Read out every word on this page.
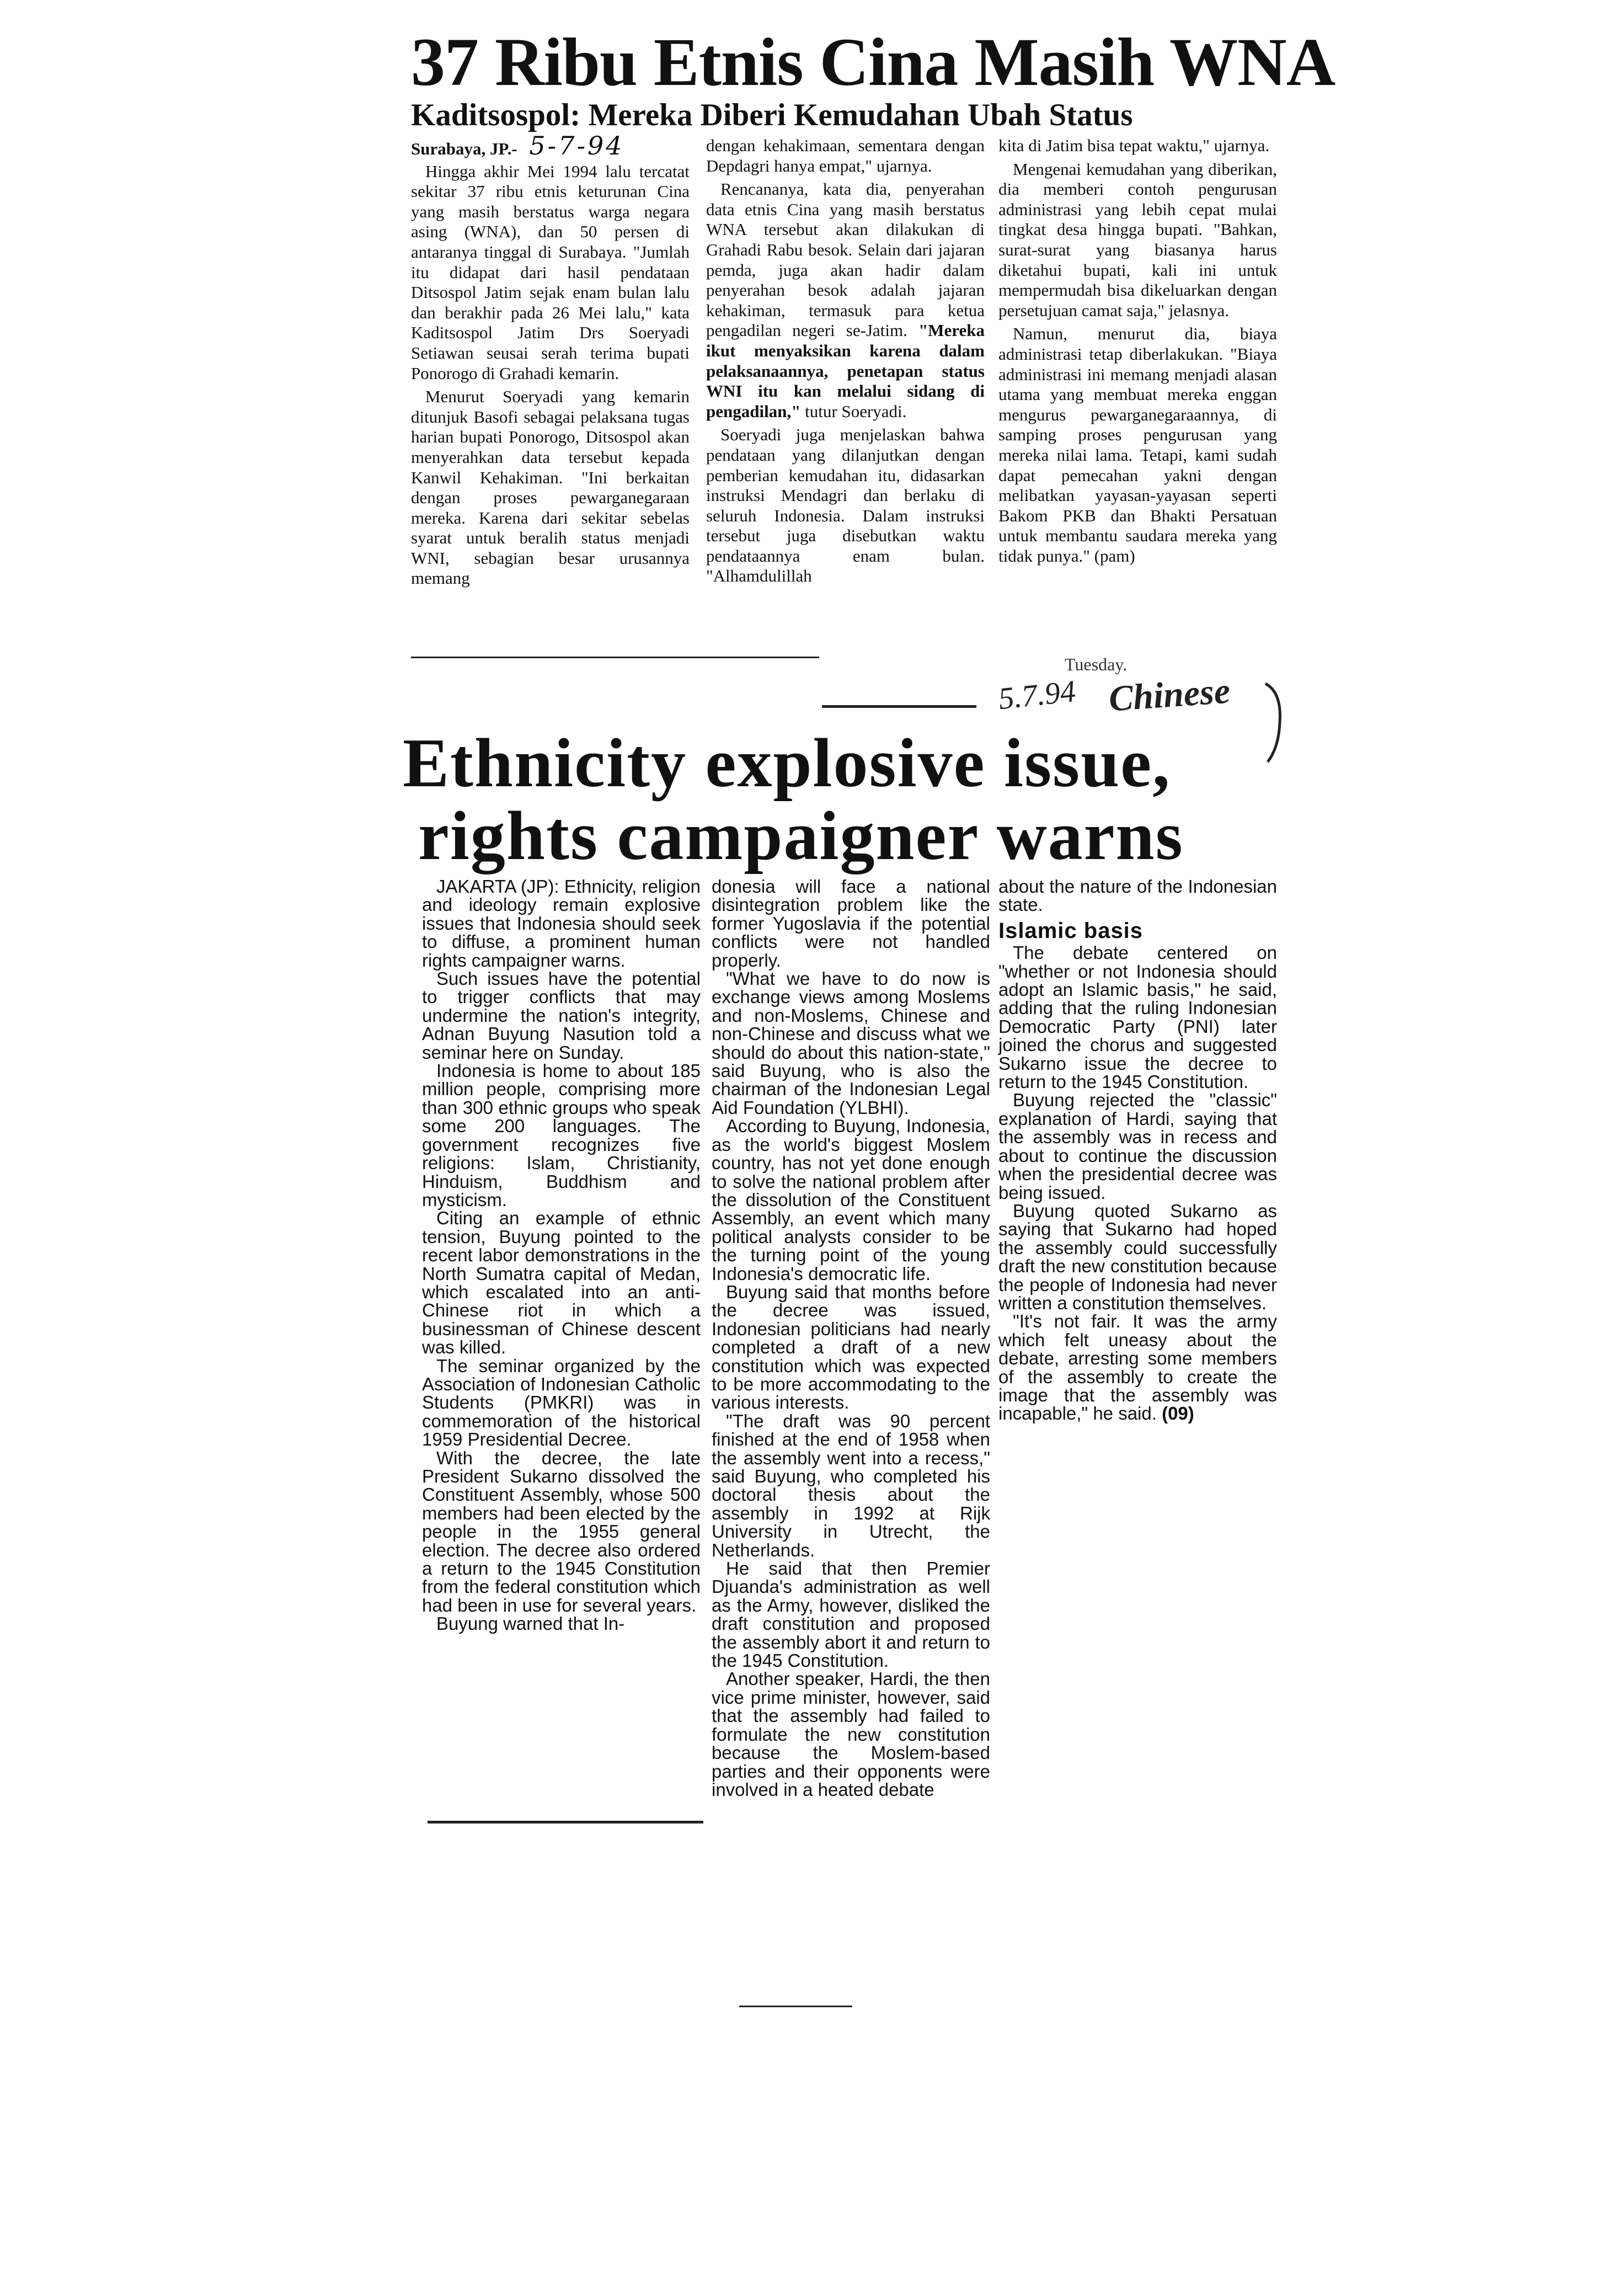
37 Ribu Etnis Cina Masih WNA
Kaditsospol: Mereka Diberi Kemudahan Ubah Status
Surabaya, JP.- 5-7-94

Hingga akhir Mei 1994 lalu tercatat sekitar 37 ribu etnis keturunan Cina yang masih berstatus warga negara asing (WNA), dan 50 persen di antaranya tinggal di Surabaya. "Jumlah itu didapat dari hasil pendataan Ditsospol Jatim sejak enam bulan lalu dan berakhir pada 26 Mei lalu," kata Kaditsospol Jatim Drs Soeryadi Setiawan seusai serah terima bupati Ponorogo di Grahadi kemarin.

Menurut Soeryadi yang kemarin ditunjuk Basofi sebagai pelaksana tugas harian bupati Ponorogo, Ditsospol akan menyerahkan data tersebut kepada Kanwil Kehakiman. "Ini berkaitan dengan proses pewarganegaraan mereka. Karena dari sekitar sebelas syarat untuk beralih status menjadi WNI, sebagian besar urusannya memang

dengan kehakimaan, sementara dengan Depdagri hanya empat," ujarnya.

Rencananya, kata dia, penyerahan data etnis Cina yang masih berstatus WNA tersebut akan dilakukan di Grahadi Rabu besok. Selain dari jajaran pemda, juga akan hadir dalam penyerahan besok adalah jajaran kehakiman, termasuk para ketua pengadilan negeri se-Jatim. "Mereka ikut menyaksikan karena dalam pelaksanaannya, penetapan status WNI itu kan melalui sidang di pengadilan," tutur Soeryadi.

Soeryadi juga menjelaskan bahwa pendataan yang dilanjutkan dengan pemberian kemudahan itu, didasarkan instruksi Mendagri dan berlaku di seluruh Indonesia. Dalam instruksi tersebut juga disebutkan waktu pendataannya enam bulan. "Alhamdulillah

kita di Jatim bisa tepat waktu," ujarnya.

Mengenai kemudahan yang diberikan, dia memberi contoh pengurusan administrasi yang lebih cepat mulai tingkat desa hingga bupati. "Bahkan, surat-surat yang biasanya harus diketahui bupati, kali ini untuk mempermudah bisa dikeluarkan dengan persetujuan camat saja," jelasnya.

Namun, menurut dia, biaya administrasi tetap diberlakukan. "Biaya administrasi ini memang menjadi alasan utama yang membuat mereka enggan mengurus pewarganegaraannya, di samping proses pengurusan yang mereka nilai lama. Tetapi, kami sudah dapat pemecahan yakni dengan melibatkan yayasan-yayasan seperti Bakom PKB dan Bhakti Persatuan untuk membantu saudara mereka yang tidak punya." (pam)

Tuesday.
5.7.94 Chinese
Ethnicity explosive issue,
rights campaigner warns

JAKARTA (JP): Ethnicity, religion and ideology remain explosive issues that Indonesia should seek to diffuse, a prominent human rights campaigner warns.

Such issues have the potential to trigger conflicts that may undermine the nation's integrity, Adnan Buyung Nasution told a seminar here on Sunday.

Indonesia is home to about 185 million people, comprising more than 300 ethnic groups who speak some 200 languages. The government recognizes five religions: Islam, Christianity, Hinduism, Buddhism and mysticism.

Citing an example of ethnic tension, Buyung pointed to the recent labor demonstrations in the North Sumatra capital of Medan, which escalated into an anti-Chinese riot in which a businessman of Chinese descent was killed.

The seminar organized by the Association of Indonesian Catholic Students (PMKRI) was in commemoration of the historical 1959 Presidential Decree.

With the decree, the late President Sukarno dissolved the Constituent Assembly, whose 500 members had been elected by the people in the 1955 general election. The decree also ordered a return to the 1945 Constitution from the federal constitution which had been in use for several years.

Buyung warned that In-

donesia will face a national disintegration problem like the former Yugoslavia if the potential conflicts were not handled properly.

"What we have to do now is exchange views among Moslems and non-Moslems, Chinese and non-Chinese and discuss what we should do about this nation-state," said Buyung, who is also the chairman of the Indonesian Legal Aid Foundation (YLBHI).

According to Buyung, Indonesia, as the world's biggest Moslem country, has not yet done enough to solve the national problem after the dissolution of the Constituent Assembly, an event which many political analysts consider to be the turning point of the young Indonesia's democratic life.

Buyung said that months before the decree was issued, Indonesian politicians had nearly completed a draft of a new constitution which was expected to be more accommodating to the various interests.

"The draft was 90 percent finished at the end of 1958 when the assembly went into a recess," said Buyung, who completed his doctoral thesis about the assembly in 1992 at Rijk University in Utrecht, the Netherlands.

He said that then Premier Djuanda's administration as well as the Army, however, disliked the draft constitution and proposed the assembly abort it and return to the 1945 Constitution.

Another speaker, Hardi, the then vice prime minister, however, said that the assembly had failed to formulate the new constitution because the Moslem-based parties and their opponents were involved in a heated debate

about the nature of the Indonesian state.

Islamic basis

The debate centered on "whether or not Indonesia should adopt an Islamic basis," he said, adding that the ruling Indonesian Democratic Party (PNI) later joined the chorus and suggested Sukarno issue the decree to return to the 1945 Constitution.

Buyung rejected the "classic" explanation of Hardi, saying that the assembly was in recess and about to continue the discussion when the presidential decree was being issued.

Buyung quoted Sukarno as saying that Sukarno had hoped the assembly could successfully draft the new constitution because the people of Indonesia had never written a constitution themselves.

"It's not fair. It was the army which felt uneasy about the debate, arresting some members of the assembly to create the image that the assembly was incapable," he said. (09)
